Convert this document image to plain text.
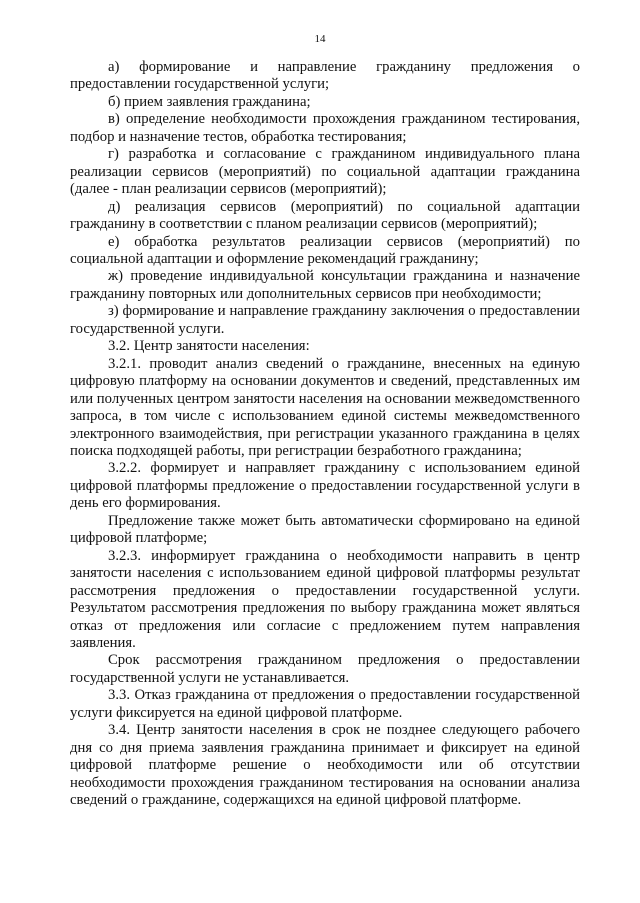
14

а) формирование и направление гражданину предложения о предоставлении государственной услуги;

б) прием заявления гражданина;

в) определение необходимости прохождения гражданином тестирования, подбор и назначение тестов, обработка тестирования;

г) разработка и согласование с гражданином индивидуального плана реализации сервисов (мероприятий) по социальной адаптации гражданина (далее - план реализации сервисов (мероприятий);

д) реализация сервисов (мероприятий) по социальной адаптации гражданину в соответствии с планом реализации сервисов (мероприятий);

е) обработка результатов реализации сервисов (мероприятий) по социальной адаптации и оформление рекомендаций гражданину;

ж) проведение индивидуальной консультации гражданина и назначение гражданину повторных или дополнительных сервисов при необходимости;

з) формирование и направление гражданину заключения о предоставлении государственной услуги.

3.2. Центр занятости населения:

3.2.1. проводит анализ сведений о гражданине, внесенных на единую цифровую платформу на основании документов и сведений, представленных им или полученных центром занятости населения на основании межведомственного запроса, в том числе с использованием единой системы межведомственного электронного взаимодействия, при регистрации указанного гражданина в целях поиска подходящей работы, при регистрации безработного гражданина;

3.2.2. формирует и направляет гражданину с использованием единой цифровой платформы предложение о предоставлении государственной услуги в день его формирования.

Предложение также может быть автоматически сформировано на единой цифровой платформе;

3.2.3. информирует гражданина о необходимости направить в центр занятости населения с использованием единой цифровой платформы результат рассмотрения предложения о предоставлении государственной услуги. Результатом рассмотрения предложения по выбору гражданина может являться отказ от предложения или согласие с предложением путем направления заявления.

Срок рассмотрения гражданином предложения о предоставлении государственной услуги не устанавливается.

3.3. Отказ гражданина от предложения о предоставлении государственной услуги фиксируется на единой цифровой платформе.

3.4. Центр занятости населения в срок не позднее следующего рабочего дня со дня приема заявления гражданина принимает и фиксирует на единой цифровой платформе решение о необходимости или об отсутствии необходимости прохождения гражданином тестирования на основании анализа сведений о гражданине, содержащихся на единой цифровой платформе.
